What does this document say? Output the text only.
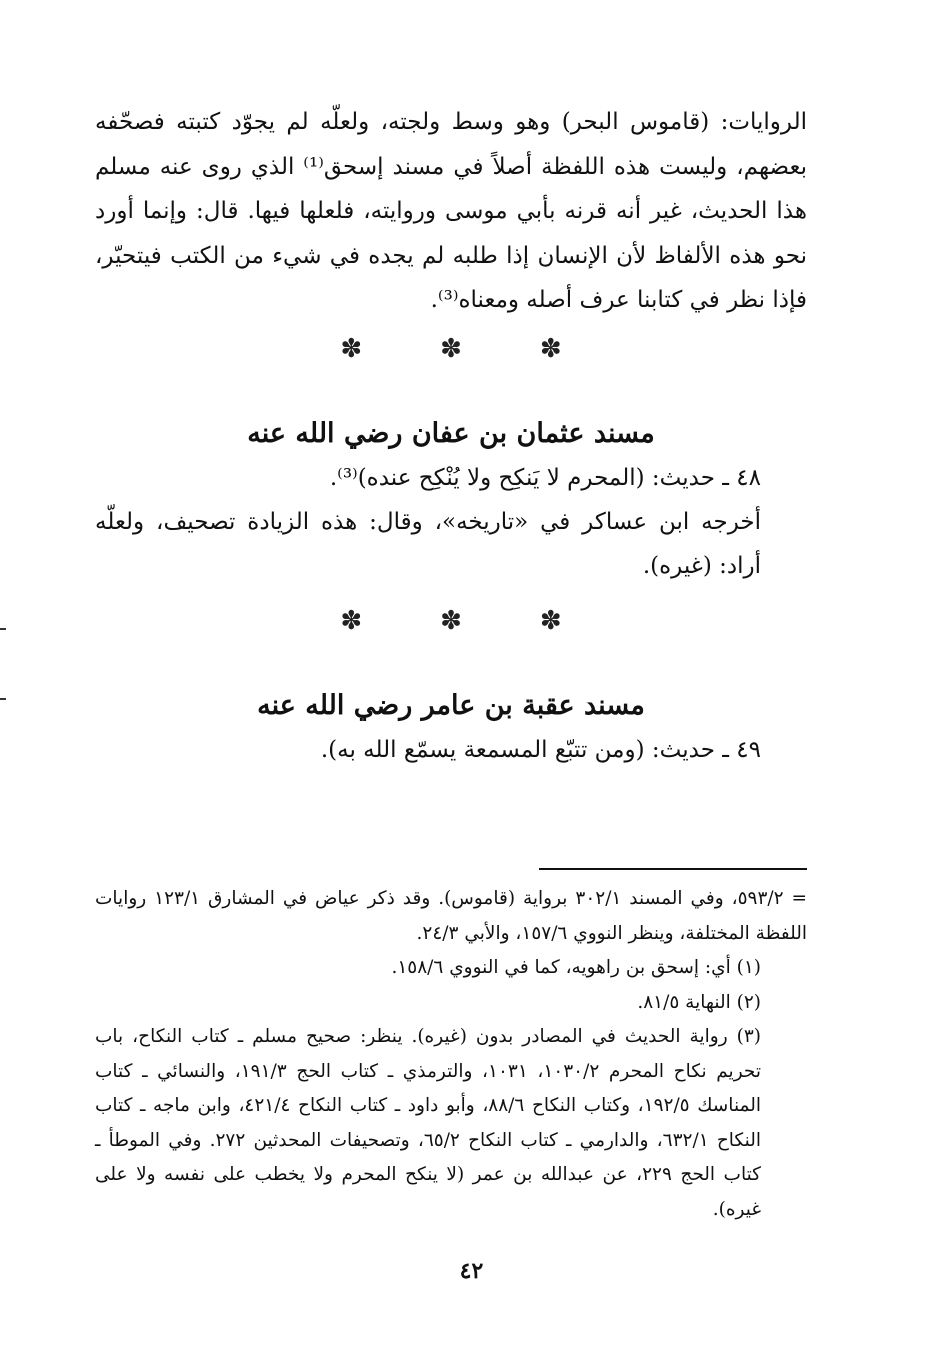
الروايات: (قاموس البحر) وهو وسط ولجته، ولعلّه لم يجوّد كتبته فصحّفه بعضهم، وليست هذه اللفظة أصلاً في مسند إسحق⁽¹⁾ الذي روى عنه مسلم هذا الحديث، غير أنه قرنه بأبي موسى وروايته، فلعلها فيها. قال: وإنما أورد نحو هذه الألفاظ لأن الإنسان إذا طلبه لم يجده في شيء من الكتب فيتحيّر، فإذا نظر في كتابنا عرف أصله ومعناه⁽³⁾.

✽
✽
✽
مسند عثمان بن عفان رضي الله عنه

٤٨ ـ حديث: (المحرم لا يَنكِح ولا يُنْكِح عنده)⁽³⁾.

أخرجه ابن عساكر في «تاريخه»، وقال: هذه الزيادة تصحيف، ولعلّه أراد: (غيره).

✽
✽
✽
مسند عقبة بن عامر رضي الله عنه

٤٩ ـ حديث: (ومن تتبّع المسمعة يسمّع الله به).

= ٥٩٣/٢، وفي المسند ٣٠٢/١ برواية (قاموس). وقد ذكر عياض في المشارق ١٢٣/١ روايات اللفظة المختلفة، وينظر النووي ١٥٧/٦، والأبي ٢٤/٣.

(١) أي: إسحق بن راهويه، كما في النووي ١٥٨/٦.

(٢) النهاية ٨١/٥.

(٣) رواية الحديث في المصادر بدون (غيره). ينظر: صحيح مسلم ـ كتاب النكاح، باب تحريم نكاح المحرم ١٠٣٠/٢، ١٠٣١، والترمذي ـ كتاب الحج ١٩١/٣، والنسائي ـ كتاب المناسك ١٩٢/٥، وكتاب النكاح ٨٨/٦، وأبو داود ـ كتاب النكاح ٤٢١/٤، وابن ماجه ـ كتاب النكاح ٦٣٢/١، والدارمي ـ كتاب النكاح ٦٥/٢، وتصحيفات المحدثين ٢٧٢. وفي الموطأ ـ كتاب الحج ٢٢٩، عن عبدالله بن عمر (لا ينكح المحرم ولا يخطب على نفسه ولا على غيره).

٤٢
